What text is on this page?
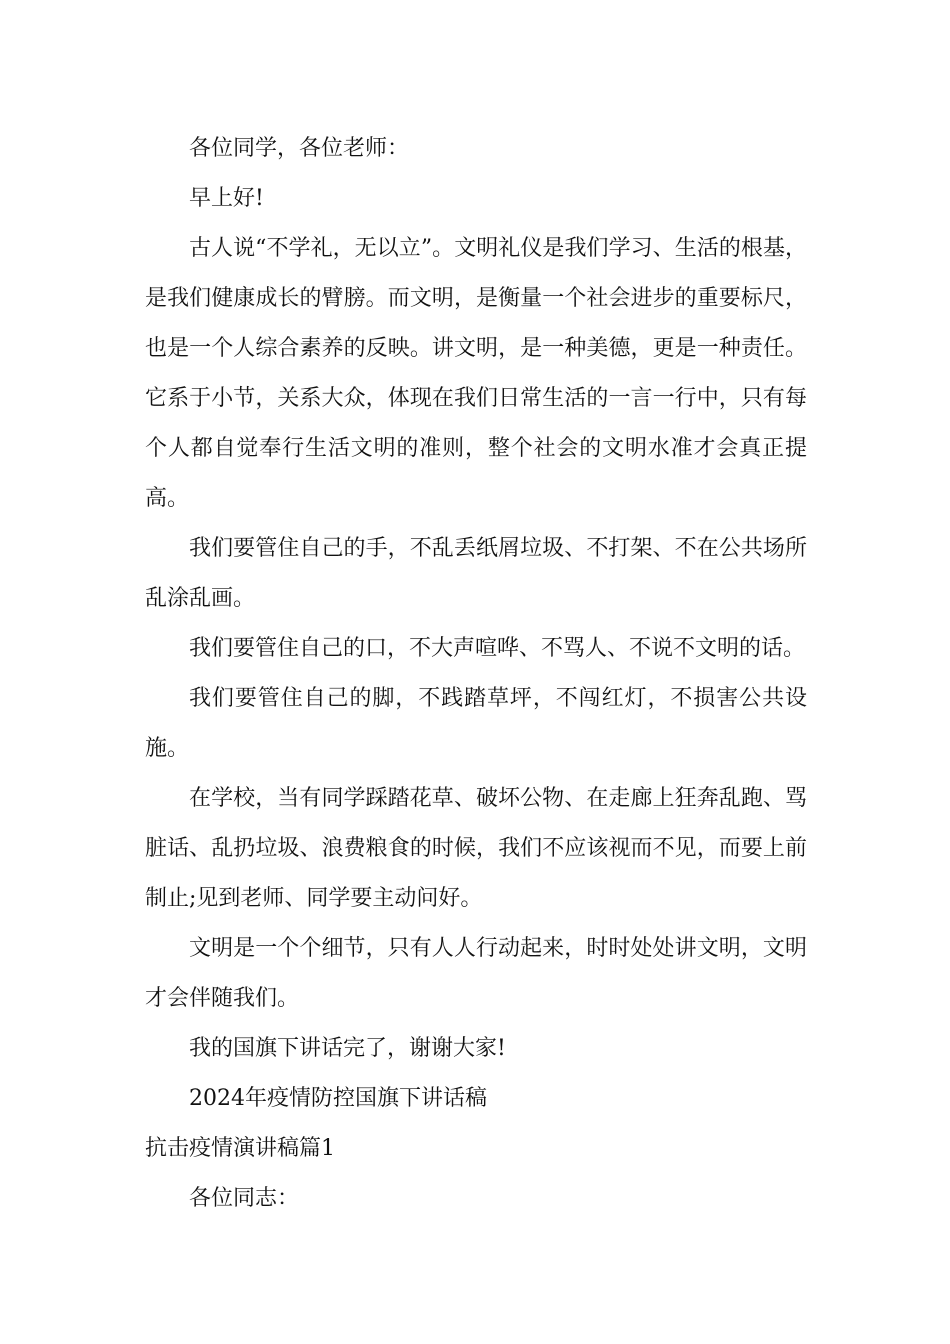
各位同学，各位老师：

早上好!

古人说“不学礼，无以立”。文明礼仪是我们学习、生活的根基，是我们健康成长的臂膀。而文明，是衡量一个社会进步的重要标尺，也是一个人综合素养的反映。讲文明，是一种美德，更是一种责任。它系于小节，关系大众，体现在我们日常生活的一言一行中，只有每个人都自觉奉行生活文明的准则，整个社会的文明水准才会真正提高。

我们要管住自己的手，不乱丢纸屑垃圾、不打架、不在公共场所乱涂乱画。

我们要管住自己的口，不大声喧哗、不骂人、不说不文明的话。

我们要管住自己的脚，不践踏草坪，不闯红灯，不损害公共设施。

在学校，当有同学踩踏花草、破坏公物、在走廊上狂奔乱跑、骂脏话、乱扔垃圾、浪费粮食的时候，我们不应该视而不见，而要上前制止;见到老师、同学要主动问好。

文明是一个个细节，只有人人行动起来，时时处处讲文明，文明才会伴随我们。

我的国旗下讲话完了，谢谢大家!

2024年疫情防控国旗下讲话稿

抗击疫情演讲稿篇1

各位同志：
